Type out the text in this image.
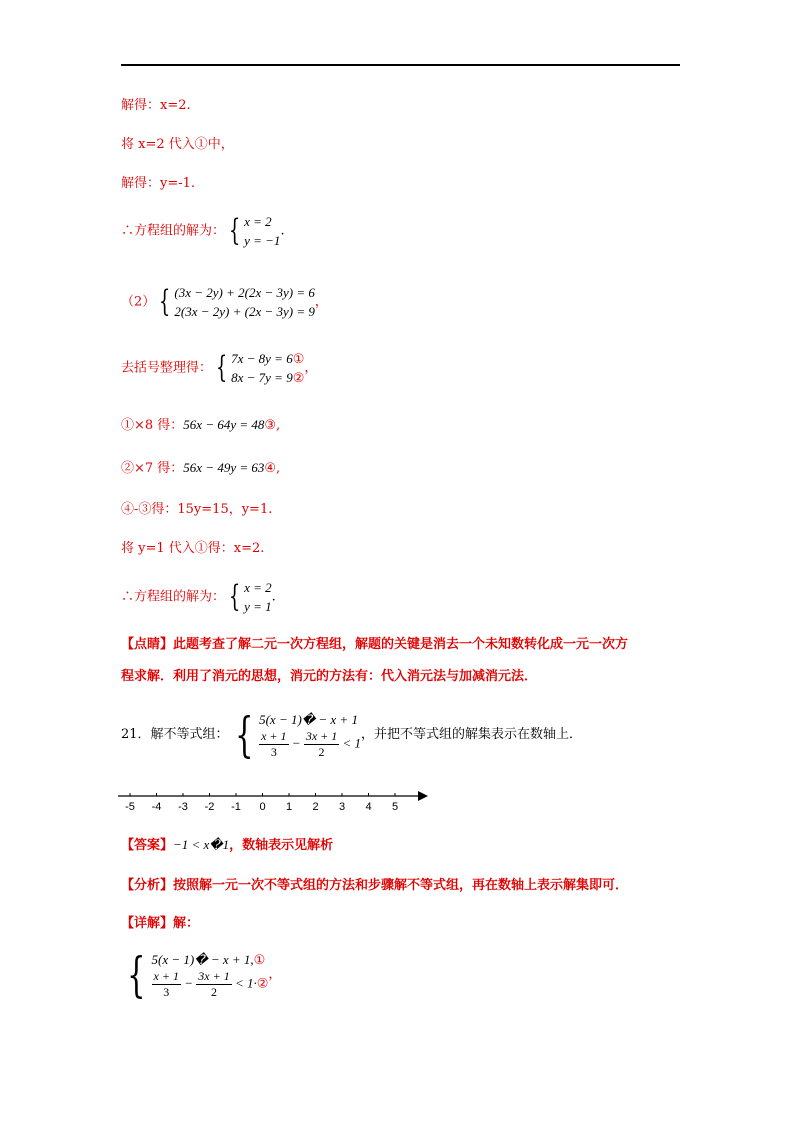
解得：x=2.
将 x=2 代入①中，
解得：y=-1.
∴方程组的解为： { x = 2
y = −1
.
（2） { (3x − 2y) + 2(2x − 3y) = 6
2(3x − 2y) + (2x − 3y) = 9
，
去括号整理得： { 7x − 8y = 6①
8x − 7y = 9②
，
①×8 得：56x − 64y = 48③,
②×7 得：56x − 49y = 63④,
④-③得：15y=15，y=1.
将 y=1 代入①得：x=2.
∴方程组的解为： { x = 2
y = 1
.
【点睛】此题考查了解二元一次方程组，解题的关键是消去一个未知数转化成一元一次方
程求解．利用了消元的思想，消元的方法有：代入消元法与加减消元法．
21．解不等式组： { 5(x − 1)� − x + 1
$\frac{x + 1}{3} - \frac{3x + 1}{2} < 1$
，并把不等式组的解集表示在数轴上．
-5 -4 -3 -2 -1 0 1 2 3 4 5
【答案】−1 < x�1，数轴表示见解析
【分析】按照解一元一次不等式组的方法和步骤解不等式组，再在数轴上表示解集即可．
【详解】解：
{ 5(x − 1)� − x + 1,①
$\frac{x + 1}{3} - \frac{3x + 1}{2}$ < 1·②
，
